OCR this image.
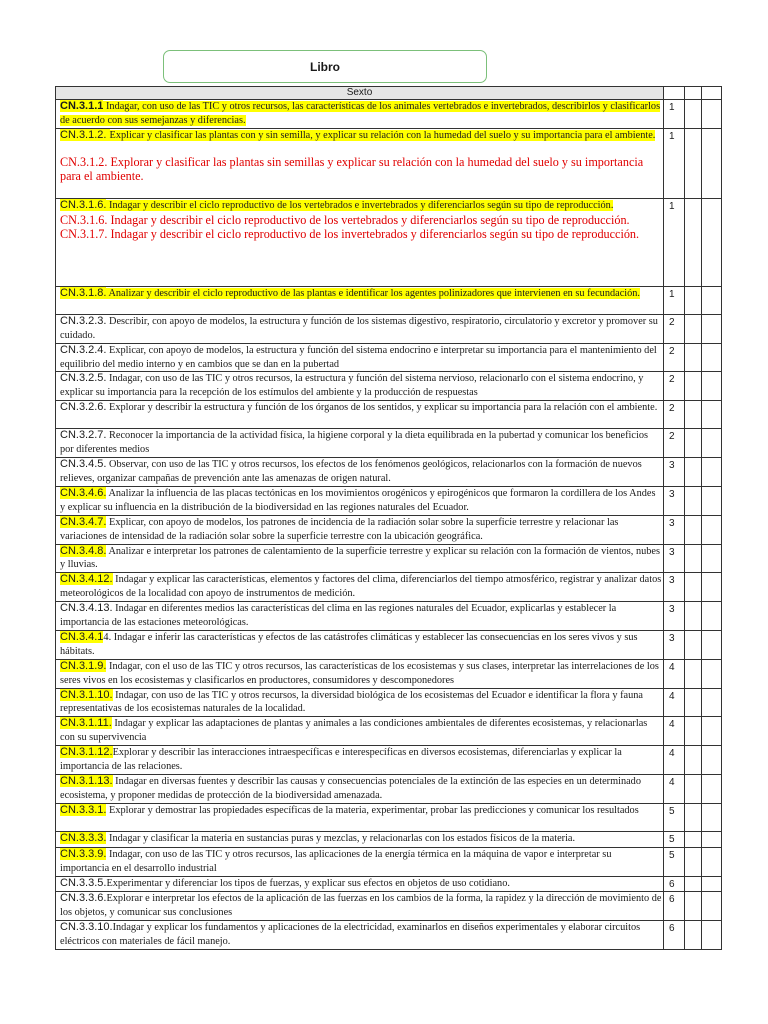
Libro
Sexto			
CN.3.1.1 Indagar, con uso de las TIC y otros recursos, las características de los animales vertebrados e invertebrados, describirlos y clasificarlos de acuerdo con sus semejanzas y diferencias.	1		
CN.3.1.2. Explicar y clasificar las plantas con y sin semilla, y explicar su relación con la humedad del suelo y su importancia para el ambiente.
CN.3.1.2. Explorar y clasificar las plantas sin semillas y explicar su relación con la humedad del suelo y su importancia para el ambiente.	1		
CN.3.1.6. Indagar y describir el ciclo reproductivo de los vertebrados e invertebrados y diferenciarlos según su tipo de reproducción.
CN.3.1.6. Indagar y describir el ciclo reproductivo de los vertebrados y diferenciarlos según su tipo de reproducción.
CN.3.1.7. Indagar y describir el ciclo reproductivo de los invertebrados y diferenciarlos según su tipo de reproducción.	1		
CN.3.1.8. Analizar y describir el ciclo reproductivo de las plantas e identificar los agentes polinizadores que intervienen en su fecundación.	1		
CN.3.2.3. Describir, con apoyo de modelos, la estructura y función de los sistemas digestivo, respiratorio, circulatorio y excretor y promover su cuidado.	2		
CN.3.2.4. Explicar, con apoyo de modelos, la estructura y función del sistema endocrino e interpretar su importancia para el mantenimiento del equilibrio del medio interno y en cambios que se dan en la pubertad	2		
CN.3.2.5. Indagar, con uso de las TIC y otros recursos, la estructura y función del sistema nervioso, relacionarlo con el sistema endocrino, y explicar su importancia para la recepción de los estímulos del ambiente y la producción de respuestas	2		
CN.3.2.6. Explorar y describir la estructura y función de los órganos de los sentidos, y explicar su importancia para la relación con el ambiente.	2		
CN.3.2.7. Reconocer la importancia de la actividad física, la higiene corporal y la dieta equilibrada en la pubertad y comunicar los beneficios por diferentes medios	2		
CN.3.4.5. Observar, con uso de las TIC y otros recursos, los efectos de los fenómenos geológicos, relacionarlos con la formación de nuevos relieves, organizar campañas de prevención ante las amenazas de origen natural.	3		
CN.3.4.6. Analizar la influencia de las placas tectónicas en los movimientos orogénicos y epirogénicos que formaron la cordillera de los Andes y explicar su influencia en la distribución de la biodiversidad en las regiones naturales del Ecuador.	3		
CN.3.4.7. Explicar, con apoyo de modelos, los patrones de incidencia de la radiación solar sobre la superficie terrestre y relacionar las variaciones de intensidad de la radiación solar sobre la superficie terrestre con la ubicación geográfica.	3		
CN.3.4.8. Analizar e interpretar los patrones de calentamiento de la superficie terrestre y explicar su relación con la formación de vientos, nubes y lluvias.	3		
CN.3.4.12. Indagar y explicar las características, elementos y factores del clima, diferenciarlos del tiempo atmosférico, registrar y analizar datos meteorológicos de la localidad con apoyo de instrumentos de medición.	3		
CN.3.4.13. Indagar en diferentes medios las características del clima en las regiones naturales del Ecuador, explicarlas y establecer la importancia de las estaciones meteorológicas.	3		
CN.3.4.14. Indagar e inferir las características y efectos de las catástrofes climáticas y establecer las consecuencias en los seres vivos y sus hábitats.	3		
CN.3.1.9. Indagar, con el uso de las TIC y otros recursos, las características de los ecosistemas y sus clases, interpretar las interrelaciones de los seres vivos en los ecosistemas y clasificarlos en productores, consumidores y descomponedores	4		
CN.3.1.10. Indagar, con uso de las TIC y otros recursos, la diversidad biológica de los ecosistemas del Ecuador e identificar la flora y fauna representativas de los ecosistemas naturales de la localidad.	4		
CN.3.1.11. Indagar y explicar las adaptaciones de plantas y animales a las condiciones ambientales de diferentes ecosistemas, y relacionarlas con su supervivencia	4		
CN.3.1.12.Explorar y describir las interacciones intraespecíficas e interespecíficas en diversos ecosistemas, diferenciarlas y explicar la importancia de las relaciones.	4		
CN.3.1.13. Indagar en diversas fuentes y describir las causas y consecuencias potenciales de la extinción de las especies en un determinado ecosistema, y proponer medidas de protección de la biodiversidad amenazada.	4		
CN.3.3.1. Explorar y demostrar las propiedades específicas de la materia, experimentar, probar las predicciones y comunicar los resultados	5		
CN.3.3.3. Indagar y clasificar la materia en sustancias puras y mezclas, y relacionarlas con los estados físicos de la materia.	5		
CN.3.3.9. Indagar, con uso de las TIC y otros recursos, las aplicaciones de la energía térmica en la máquina de vapor e interpretar su importancia en el desarrollo industrial	5		
CN.3.3.5.Experimentar y diferenciar los tipos de fuerzas, y explicar sus efectos en objetos de uso cotidiano.	6		
CN.3.3.6.Explorar e interpretar los efectos de la aplicación de las fuerzas en los cambios de la forma, la rapidez y la dirección de movimiento de los objetos, y comunicar sus conclusiones	6		
CN.3.3.10.Indagar y explicar los fundamentos y aplicaciones de la electricidad, examinarlos en diseños experimentales y elaborar circuitos eléctricos con materiales de fácil manejo.	6		
